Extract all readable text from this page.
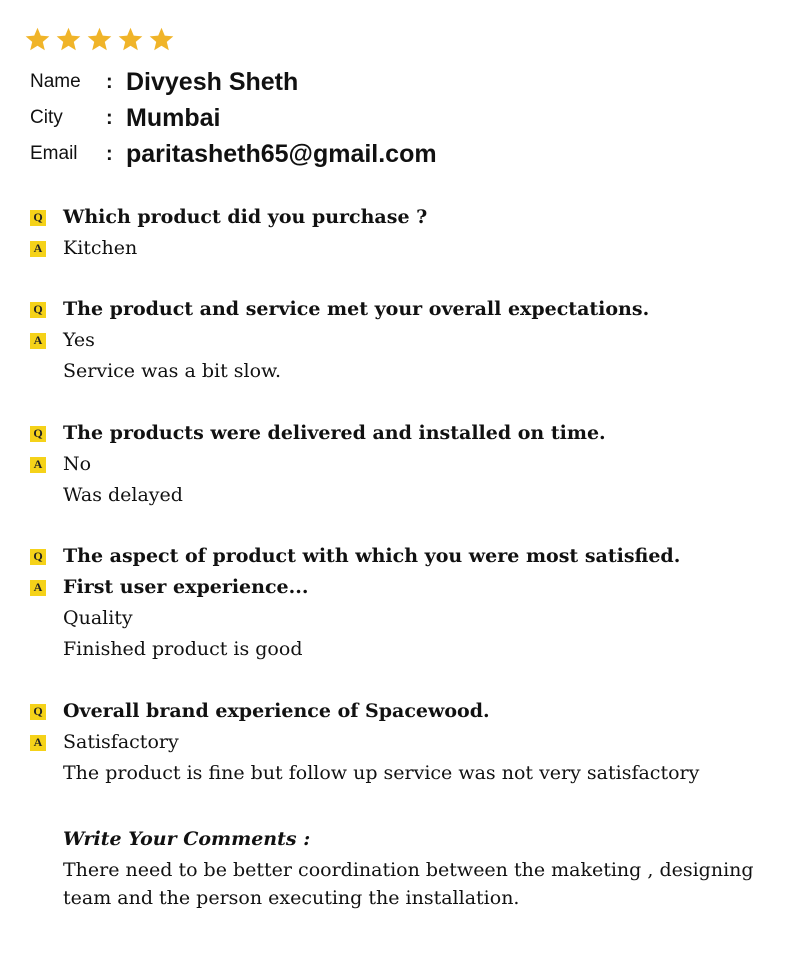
Name	: Divyesh Sheth
City	: Mumbai
Email	: paritasheth65@gmail.com
Q Which product did you purchase ?
A Kitchen
Q The product and service met your overall expectations.
A Yes
Service was a bit slow.
Q The products were delivered and installed on time.
A No
Was delayed
Q The aspect of product with which you were most satisfied.
A First user experience...
Quality
Finished product is good
Q Overall brand experience of Spacewood.
A Satisfactory
The product is fine but follow up service was not very satisfactory
Write Your Comments :
There need to be better coordination between the maketing , designing team and the person executing the installation.
